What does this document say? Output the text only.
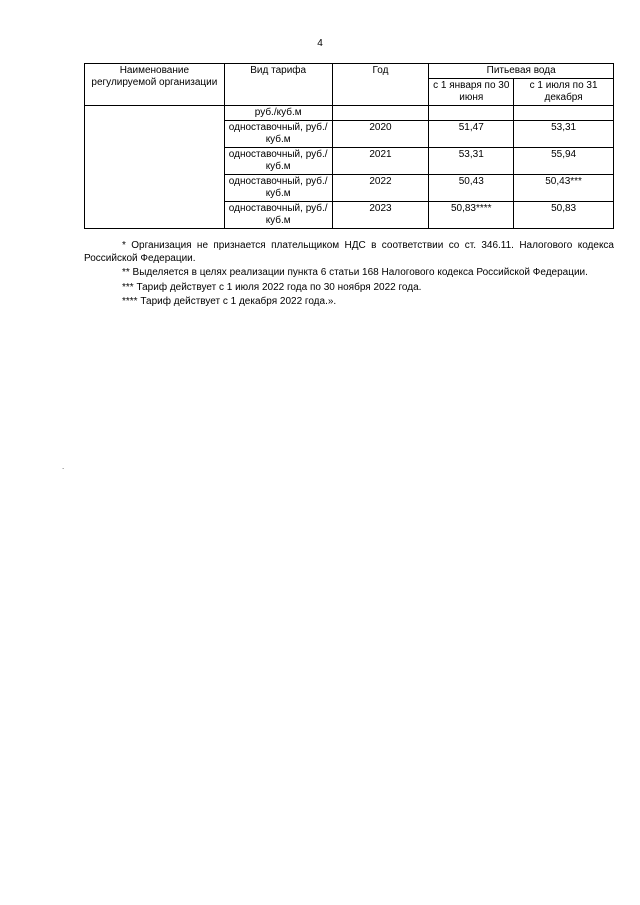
4
Наименование регулируемой организации	Вид тарифа	Год	Питьевая вода	
			с 1 января по 30 июня	с 1 июля по 31 декабря
	руб./куб.м			
	одноставочный, руб./куб.м	2020	51,47	53,31
	одноставочный, руб./куб.м	2021	53,31	55,94
	одноставочный, руб./куб.м	2022	50,43	50,43***
	одноставочный, руб./куб.м	2023	50,83****	50,83

* Организация не признается плательщиком НДС в соответствии со ст. 346.11. Налогового кодекса Российской Федерации.

** Выделяется в целях реализации пункта 6 статьи 168 Налогового кодекса Российской Федерации.

*** Тариф действует с 1 июля 2022 года по 30 ноября 2022 года.

**** Тариф действует с 1 декабря 2022 года.».

.
